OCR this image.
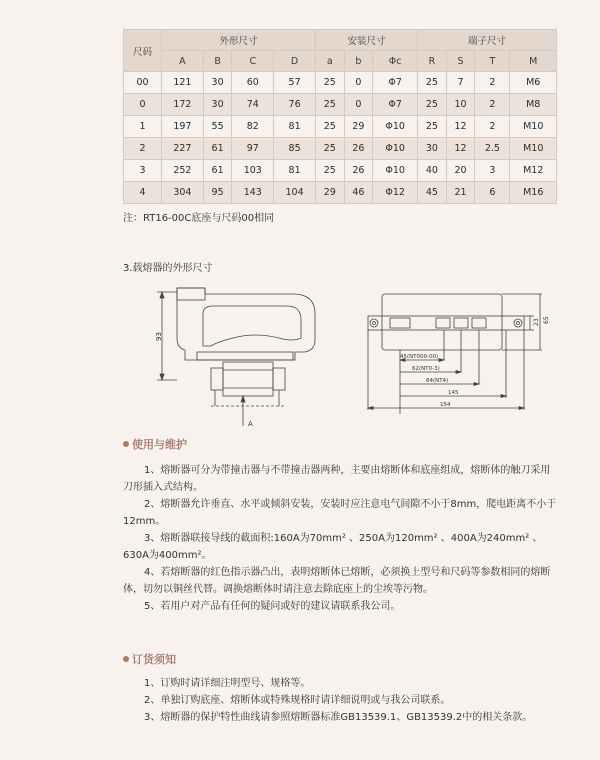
尺码	外形尺寸				安装尺寸			端子尺寸			
	A	B	C	D	a	b	Φc	R	S	T	M
00	121	30	60	57	25	0	Φ7	25	7	2	M6
0	172	30	74	76	25	0	Φ7	25	10	2	M8
1	197	55	82	81	25	29	Φ10	25	12	2	M10
2	227	61	97	85	25	26	Φ10	30	12	2.5	M10
3	252	61	103	81	25	26	Φ10	40	20	3	M12
4	304	95	143	104	29	46	Φ12	45	21	6	M16
注：RT16-00C底座与尺码00相同
3.载熔器的外形尺寸
93
A
23 65
45(NT000-00)
62(NT0-3)
84(NT4)
145
154
使用与维护

1、熔断器可分为带撞击器与不带撞击器两种，主要由熔断体和底座组成，熔断体的触刀采用刀形插入式结构。

2、熔断器允许垂直、水平或倾斜安装，安装时应注意电气间隙不小于8mm，爬电距离不小于12mm。

3、熔断器联接导线的截面积:160A为70mm² 、250A为120mm² 、400A为240mm² 、630A为400mm²。

4、若熔断器的红色指示器凸出，表明熔断体已熔断，必须换上型号和尺码等参数相同的熔断体，切勿以铜丝代替。调换熔断体时请注意去除底座上的尘埃等污物。

5、若用户对产品有任何的疑问或好的建议请联系我公司。

订货须知

1、订购时请详细注明型号、规格等。

2、单独订购底座、熔断体或特殊规格时请详细说明或与我公司联系。

3、熔断器的保护特性曲线请参照熔断器标准GB13539.1、GB13539.2中的相关条款。
